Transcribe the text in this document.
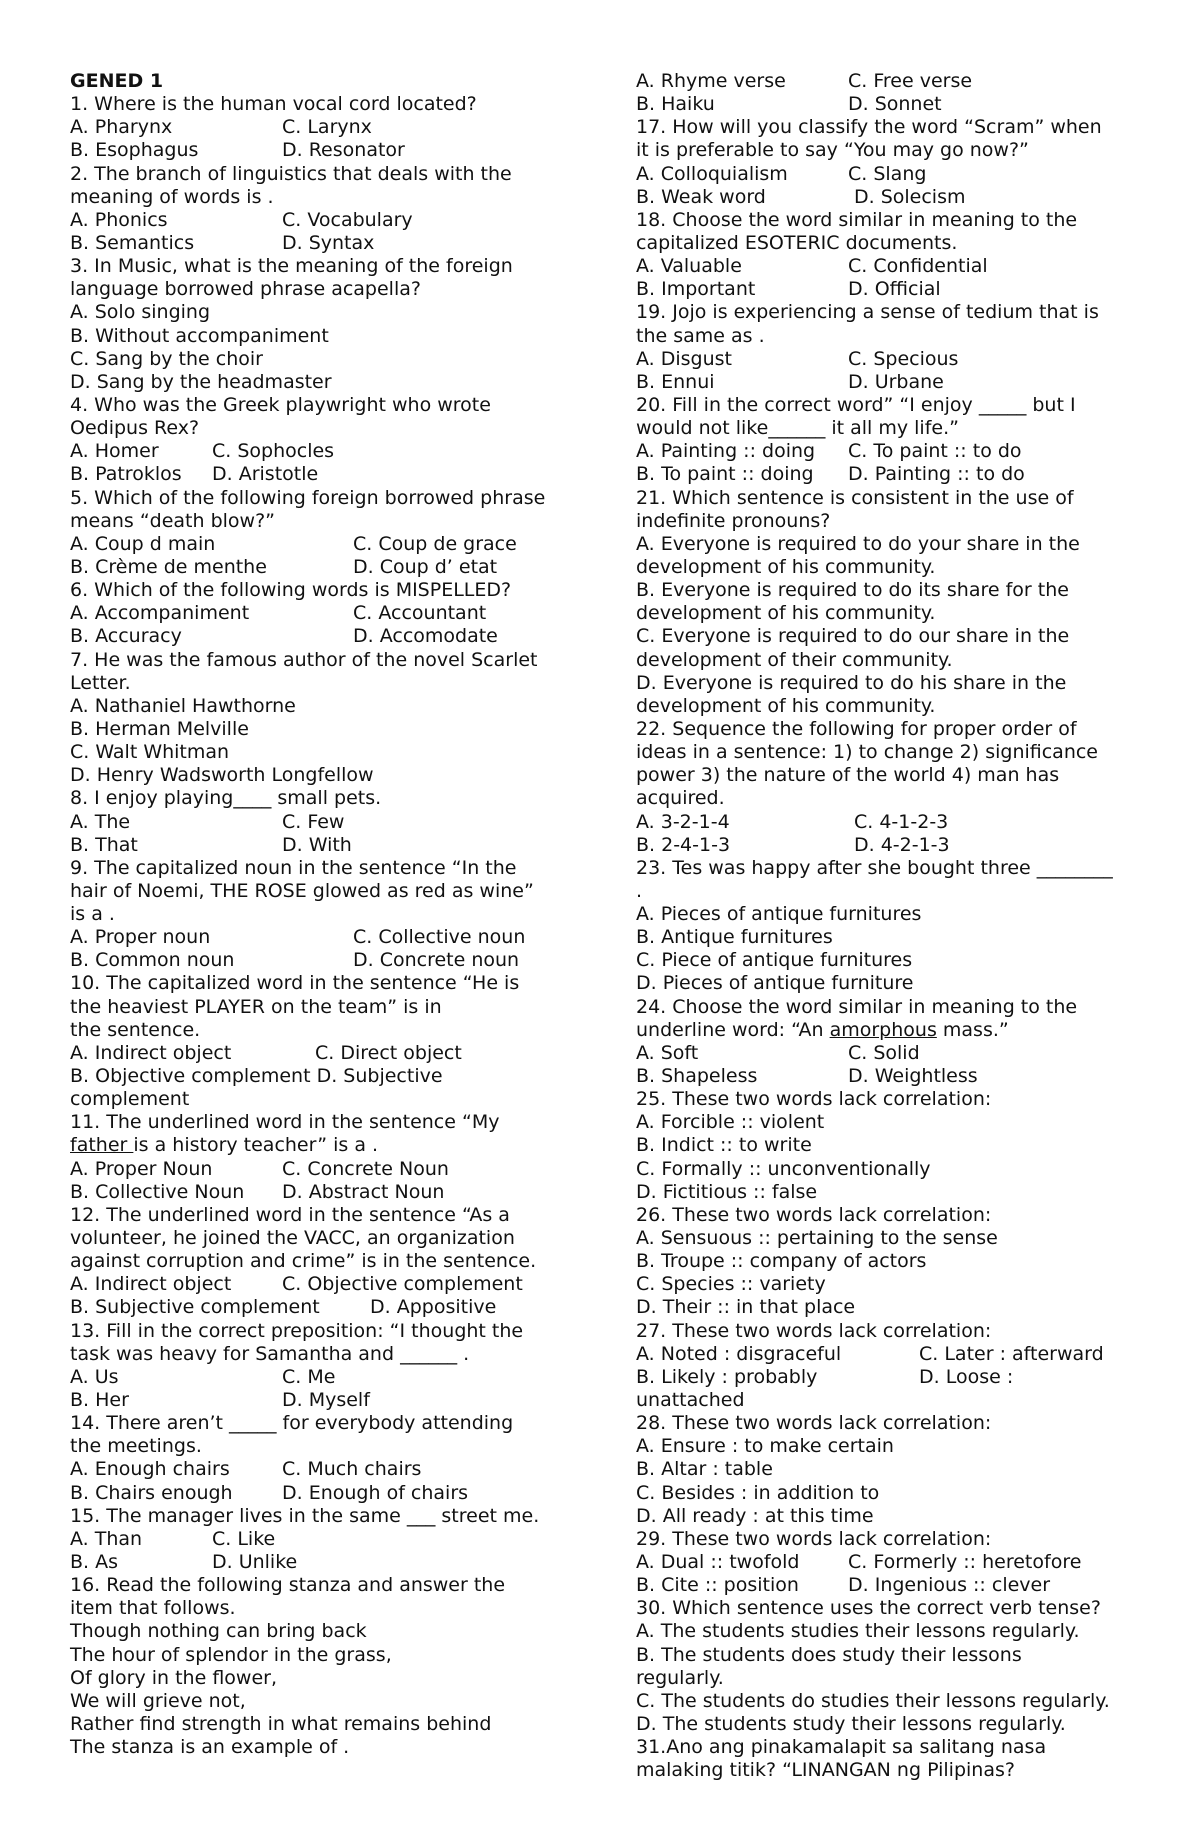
GENED 1
1. Where is the human vocal cord located?
A. Pharynx	C. Larynx
B. Esophagus	D. Resonator
2. The branch of linguistics that deals with the
meaning of words is .
A. Phonics	C. Vocabulary
B. Semantics	D. Syntax
3. In Music, what is the meaning of the foreign
language borrowed phrase acapella?
A. Solo singing
B. Without accompaniment
C. Sang by the choir
D. Sang by the headmaster
4. Who was the Greek playwright who wrote
Oedipus Rex?
A. Homer	C. Sophocles
B. Patroklos D. Aristotle
5. Which of the following foreign borrowed phrase
means “death blow?”
A. Coup d main	C. Coup de grace
B. Crème de menthe	D. Coup d’ etat
6. Which of the following words is MISPELLED?
A. Accompaniment	C. Accountant
B. Accuracy	D. Accomodate
7. He was the famous author of the novel Scarlet
Letter.
A. Nathaniel Hawthorne
B. Herman Melville
C. Walt Whitman
D. Henry Wadsworth Longfellow
8. I enjoy playing____ small pets.
A. The	C. Few
B. That	D. With
9. The capitalized noun in the sentence “In the
hair of Noemi, THE ROSE glowed as red as wine”
is a .
A. Proper noun	C. Collective noun
B. Common noun	D. Concrete noun
10. The capitalized word in the sentence “He is
the heaviest PLAYER on the team” is in
the sentence.
A. Indirect object	C. Direct object
B. Objective complement D. Subjective
complement
11. The underlined word in the sentence “My
father is a history teacher” is a .
A. Proper Noun	C. Concrete Noun
B. Collective Noun D. Abstract Noun
12. The underlined word in the sentence “As a
volunteer, he joined the VACC, an organization
against corruption and crime” is in the sentence.
A. Indirect object	C. Objective complement
B. Subjective complement	D. Appositive
13. Fill in the correct preposition: “I thought the
task was heavy for Samantha and ______ .
A. Us	C. Me
B. Her	D. Myself
14. There aren’t _____ for everybody attending
the meetings.
A. Enough chairs	C. Much chairs
B. Chairs enough	D. Enough of chairs
15. The manager lives in the same ___ street me.
A. Than	C. Like
B. As	D. Unlike
16. Read the following stanza and answer the
item that follows.
Though nothing can bring back
The hour of splendor in the grass,
Of glory in the flower,
We will grieve not,
Rather find strength in what remains behind
The stanza is an example of .
A. Rhyme verse	C. Free verse
B. Haiku	D. Sonnet
17. How will you classify the word “Scram” when
it is preferable to say “You may go now?”
A. Colloquialism	C. Slang
B. Weak word	D. Solecism
18. Choose the word similar in meaning to the
capitalized ESOTERIC documents.
A. Valuable	C. Confidential
B. Important	D. Official
19. Jojo is experiencing a sense of tedium that is
the same as .
A. Disgust	C. Specious
B. Ennui	D. Urbane
20. Fill in the correct word” “I enjoy _____ but I
would not like______ it all my life.”
A. Painting :: doing C. To paint :: to do
B. To paint :: doing D. Painting :: to do
21. Which sentence is consistent in the use of
indefinite pronouns?
A. Everyone is required to do your share in the
development of his community.
B. Everyone is required to do its share for the
development of his community.
C. Everyone is required to do our share in the
development of their community.
D. Everyone is required to do his share in the
development of his community.
22. Sequence the following for proper order of
ideas in a sentence: 1) to change 2) significance
power 3) the nature of the world 4) man has
acquired.
A. 3-2-1-4	C. 4-1-2-3
B. 2-4-1-3	D. 4-2-1-3
23. Tes was happy after she bought three ________
.
A. Pieces of antique furnitures
B. Antique furnitures
C. Piece of antique furnitures
D. Pieces of antique furniture
24. Choose the word similar in meaning to the
underline word: “An amorphous mass.”
A. Soft	C. Solid
B. Shapeless	D. Weightless
25. These two words lack correlation:
A. Forcible :: violent
B. Indict :: to write
C. Formally :: unconventionally
D. Fictitious :: false
26. These two words lack correlation:
A. Sensuous :: pertaining to the sense
B. Troupe :: company of actors
C. Species :: variety
D. Their :: in that place
27. These two words lack correlation:
A. Noted : disgraceful	C. Later : afterward
B. Likely : probably	D. Loose :
unattached
28. These two words lack correlation:
A. Ensure : to make certain
B. Altar : table
C. Besides : in addition to
D. All ready : at this time
29. These two words lack correlation:
A. Dual :: twofold	C. Formerly :: heretofore
B. Cite :: position	D. Ingenious :: clever
30. Which sentence uses the correct verb tense?
A. The students studies their lessons regularly.
B. The students does study their lessons
regularly.
C. The students do studies their lessons regularly.
D. The students study their lessons regularly.
31.Ano ang pinakamalapit sa salitang nasa
malaking titik? “LINANGAN ng Pilipinas?
